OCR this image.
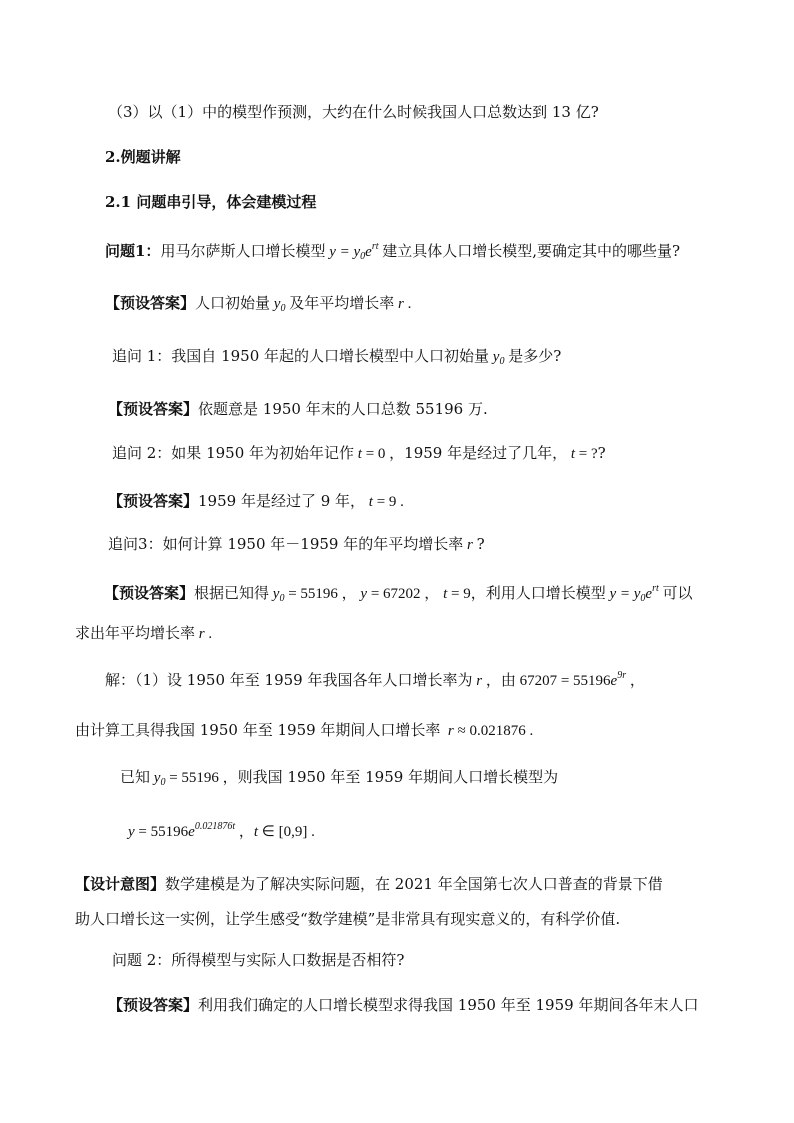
（3）以（1）中的模型作预测，大约在什么时候我国人口总数达到 13 亿?
2.例题讲解
2.1 问题串引导，体会建模过程
问题1：用马尔萨斯人口增长模型 $y = y_0e^{rt}$ 建立具体人口增长模型,要确定其中的哪些量?
【预设答案】人口初始量 $y_0$ 及年平均增长率 r .
追问 1：我国自 1950 年起的人口增长模型中人口初始量 $y_0$ 是多少?
【预设答案】依题意是 1950 年末的人口总数 55196 万.
追问 2：如果 1950 年为初始年记作 t = 0 ，1959 年是经过了几年， t = ??
【预设答案】1959 年是经过了 9 年， t = 9 .
追问3：如何计算 1950 年－1959 年的年平均增长率 r ?
【预设答案】根据已知得 $y_0 = 55196$ ， y = 67202 ， t = 9，利用人口增长模型 $y = y_0e^{rt}$ 可以
求出年平均增长率 r .
解：（1）设 1950 年至 1959 年我国各年人口增长率为 r ，由 $67207 = 55196e^{9r}$ ，
由计算工具得我国 1950 年至 1959 年期间人口增长率  r ≈ 0.021876 .
已知 $y_0 = 55196$ ，则我国 1950 年至 1959 年期间人口增长模型为
$y = 55196e^{0.021876t}$ ，t ∈ [0,9] .
【设计意图】数学建模是为了解决实际问题，在 2021 年全国第七次人口普查的背景下借
助人口增长这一实例，让学生感受“数学建模”是非常具有现实意义的，有科学价值.
问题 2：所得模型与实际人口数据是否相符?
【预设答案】利用我们确定的人口增长模型求得我国 1950 年至 1959 年期间各年末人口
